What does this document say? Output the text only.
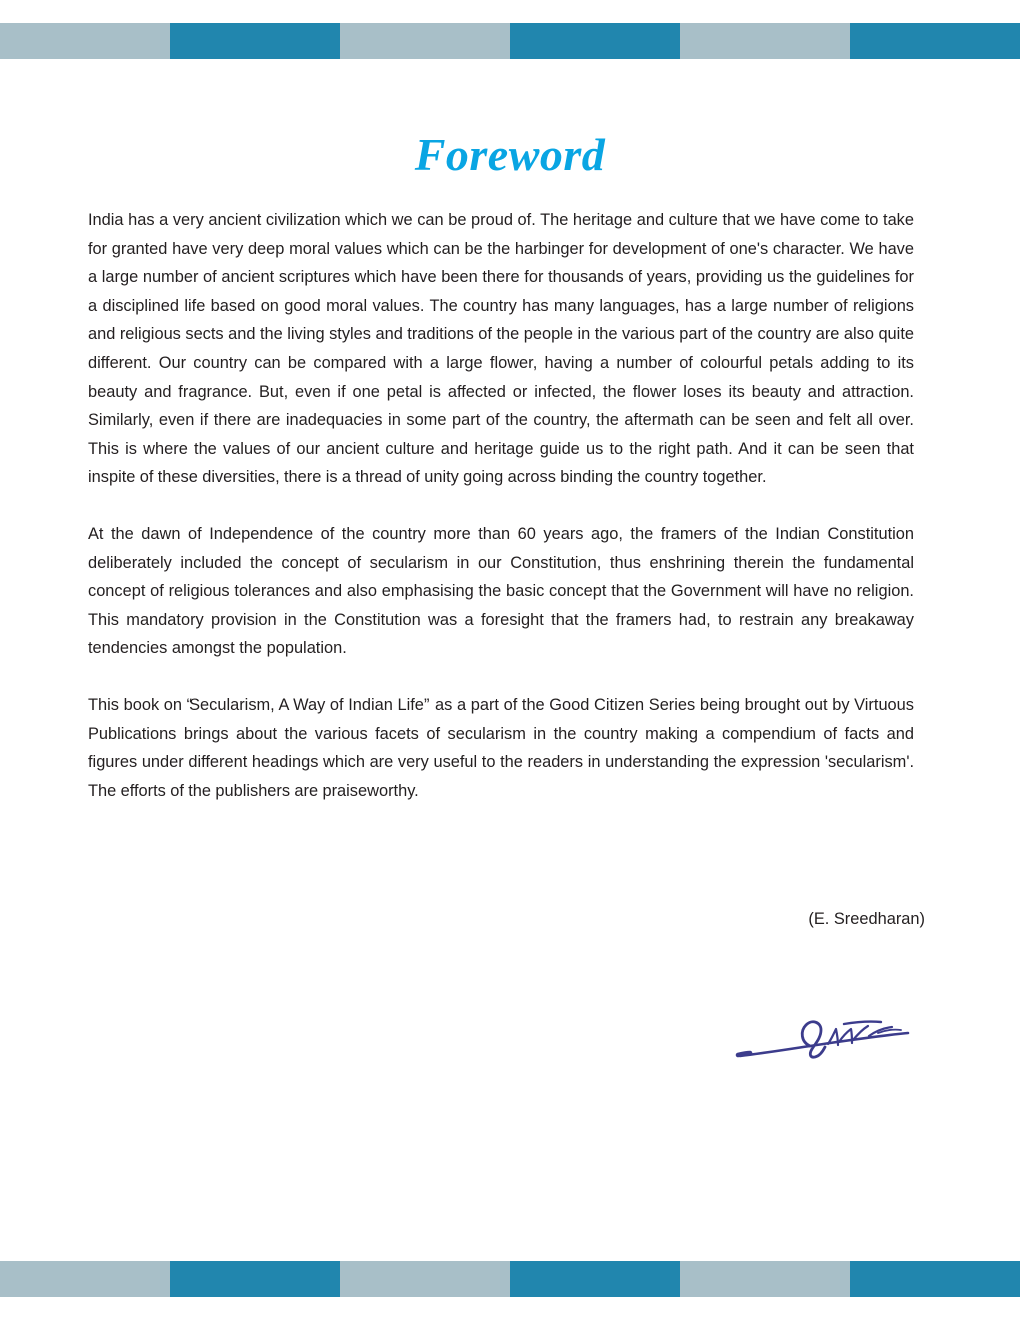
Foreword

India has a very ancient civilization which we can be proud of. The heritage and culture that we have come to take for granted have very deep moral values which can be the harbinger for development of one's character. We have a large number of ancient scriptures which have been there for thousands of years, providing us the guidelines for a disciplined life based on good moral values. The country has many languages, has a large number of religions and religious sects and the living styles and traditions of the people in the various part of the country are also quite different. Our country can be compared with a large flower, having a number of colourful petals adding to its beauty and fragrance. But, even if one petal is affected or infected, the flower loses its beauty and attraction. Similarly, even if there are inadequacies in some part of the country, the aftermath can be seen and felt all over. This is where the values of our ancient culture and heritage guide us to the right path. And it can be seen that inspite of these diversities, there is a thread of unity going across binding the country together.

At the dawn of Independence of the country more than 60 years ago, the framers of the Indian Constitution deliberately included the concept of secularism in our Constitution, thus enshrining therein the fundamental concept of religious tolerances and also emphasising the basic concept that the Government will have no religion. This mandatory provision in the Constitution was a foresight that the framers had, to restrain any breakaway tendencies amongst the population.

This book on “Secularism, A Way of Indian Life” as a part of the Good Citizen Series being brought out by Virtuous Publications brings about the various facets of secularism in the country making a compendium of facts and figures under different headings which are very useful to the readers in understanding the expression 'secularism'. The efforts of the publishers are praiseworthy.

(E. Sreedharan)
